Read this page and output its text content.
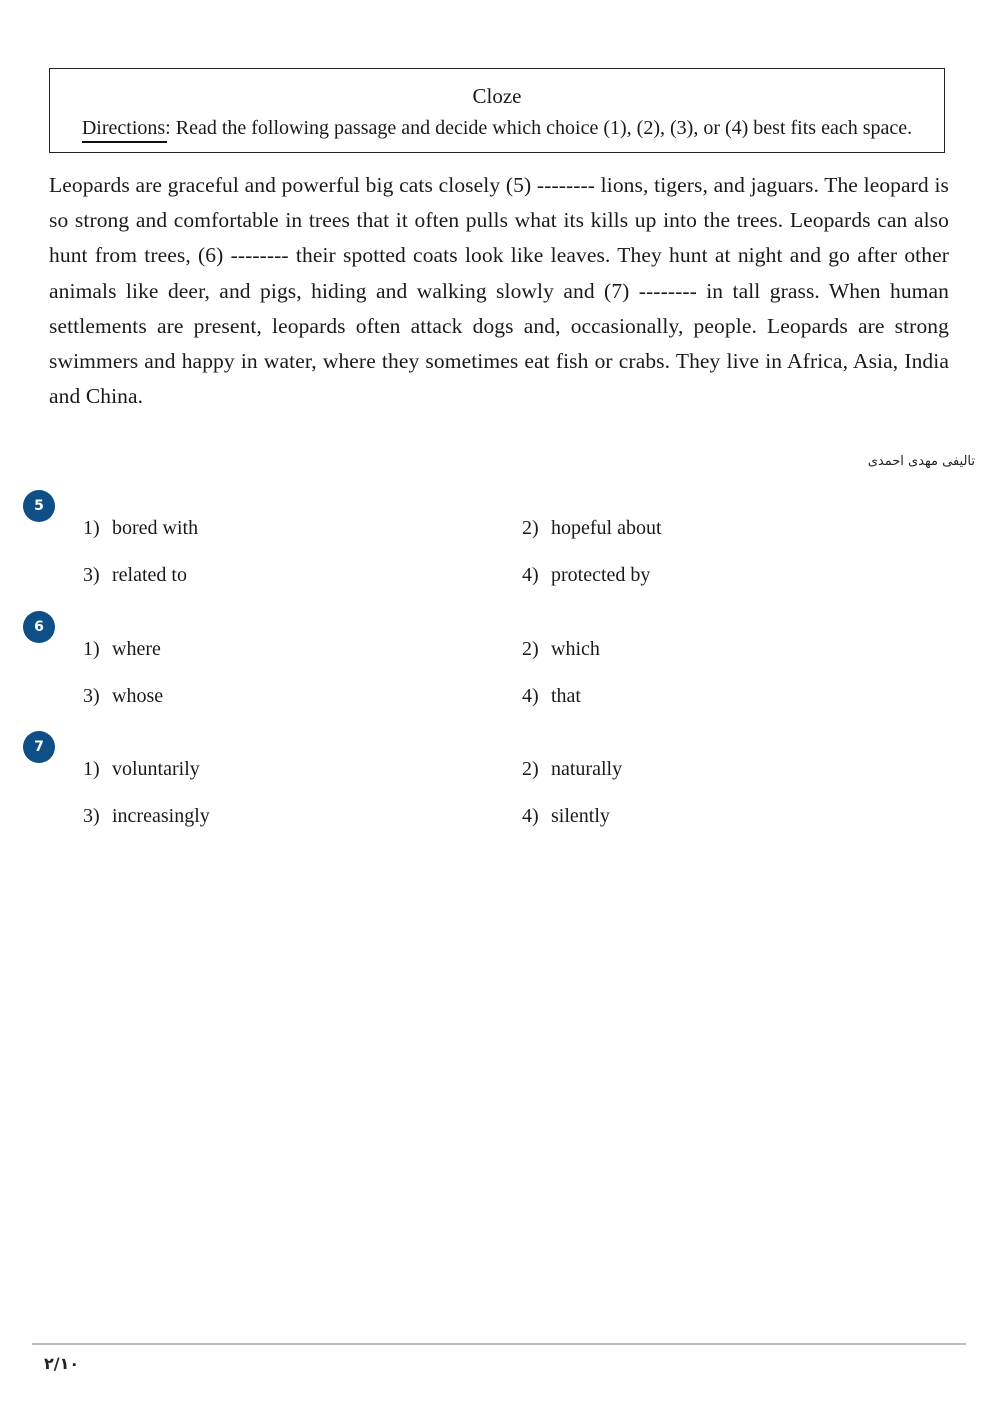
Cloze
Directions: Read the following passage and decide which choice (1), (2), (3), or (4) best fits each space.
Leopards are graceful and powerful big cats closely (5) -------- lions, tigers, and jaguars. The leopard is so strong and comfortable in trees that it often pulls what its kills up into the trees. Leopards can also hunt from trees, (6) -------- their spotted coats look like leaves. They hunt at night and go after other animals like deer, and pigs, hiding and walking slowly and (7) -------- in tall grass. When human settlements are present, leopards often attack dogs and, occasionally, people. Leopards are strong swimmers and happy in water, where they sometimes eat fish or crabs. They live in Africa, Asia, India and China.
تالیفی مهدی احمدی
5
1) bored with	2) hopeful about
3) related to	4) protected by
6
1) where	2) which
3) whose	4) that
7
1) voluntarily	2) naturally
3) increasingly	4) silently
۲/۱۰
